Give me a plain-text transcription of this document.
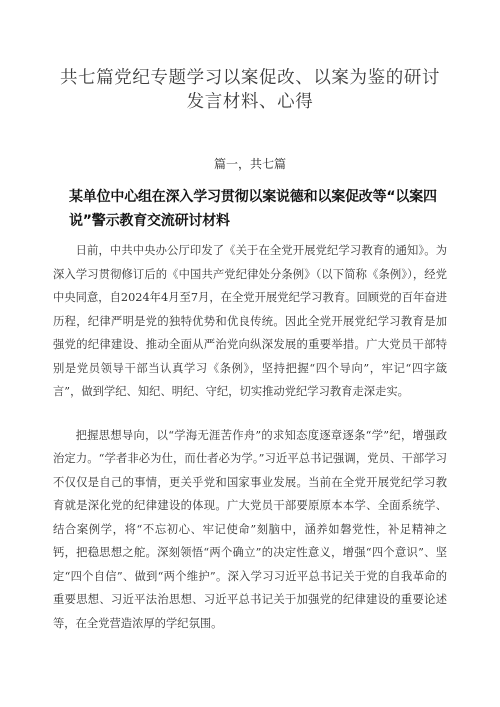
共七篇党纪专题学习以案促改、以案为鉴的研讨发言材料、心得
篇一，共七篇
某单位中心组在深入学习贯彻以案说德和以案促改等“以案四说”警示教育交流研讨材料

日前，中共中央办公厅印发了《关于在全党开展党纪学习教育的通知》。为深入学习贯彻修订后的《中国共产党纪律处分条例》（以下简称《条例》），经党中央同意，自2024年4月至7月，在全党开展党纪学习教育。回顾党的百年奋进历程，纪律严明是党的独特优势和优良传统。因此全党开展党纪学习教育是加强党的纪律建设、推动全面从严治党向纵深发展的重要举措。广大党员干部特别是党员领导干部当认真学习《条例》，坚持把握“四个导向”，牢记“四字箴言”，做到学纪、知纪、明纪、守纪，切实推动党纪学习教育走深走实。

把握思想导向，以“学海无涯苦作舟”的求知态度逐章逐条“学”纪，增强政治定力。“学者非必为仕，而仕者必为学。”习近平总书记强调，党员、干部学习不仅仅是自己的事情，更关乎党和国家事业发展。当前在全党开展党纪学习教育就是深化党的纪律建设的体现。广大党员干部要原原本本学、全面系统学、结合案例学，将“不忘初心、牢记使命”刻脑中，涵养如磐党性，补足精神之钙，把稳思想之舵。深刻领悟“两个确立”的决定性意义，增强“四个意识”、坚定“四个自信”、做到“两个维护”。深入学习习近平总书记关于党的自我革命的重要思想、习近平法治思想、习近平总书记关于加强党的纪律建设的重要论述等，在全党营造浓厚的学纪氛围。
